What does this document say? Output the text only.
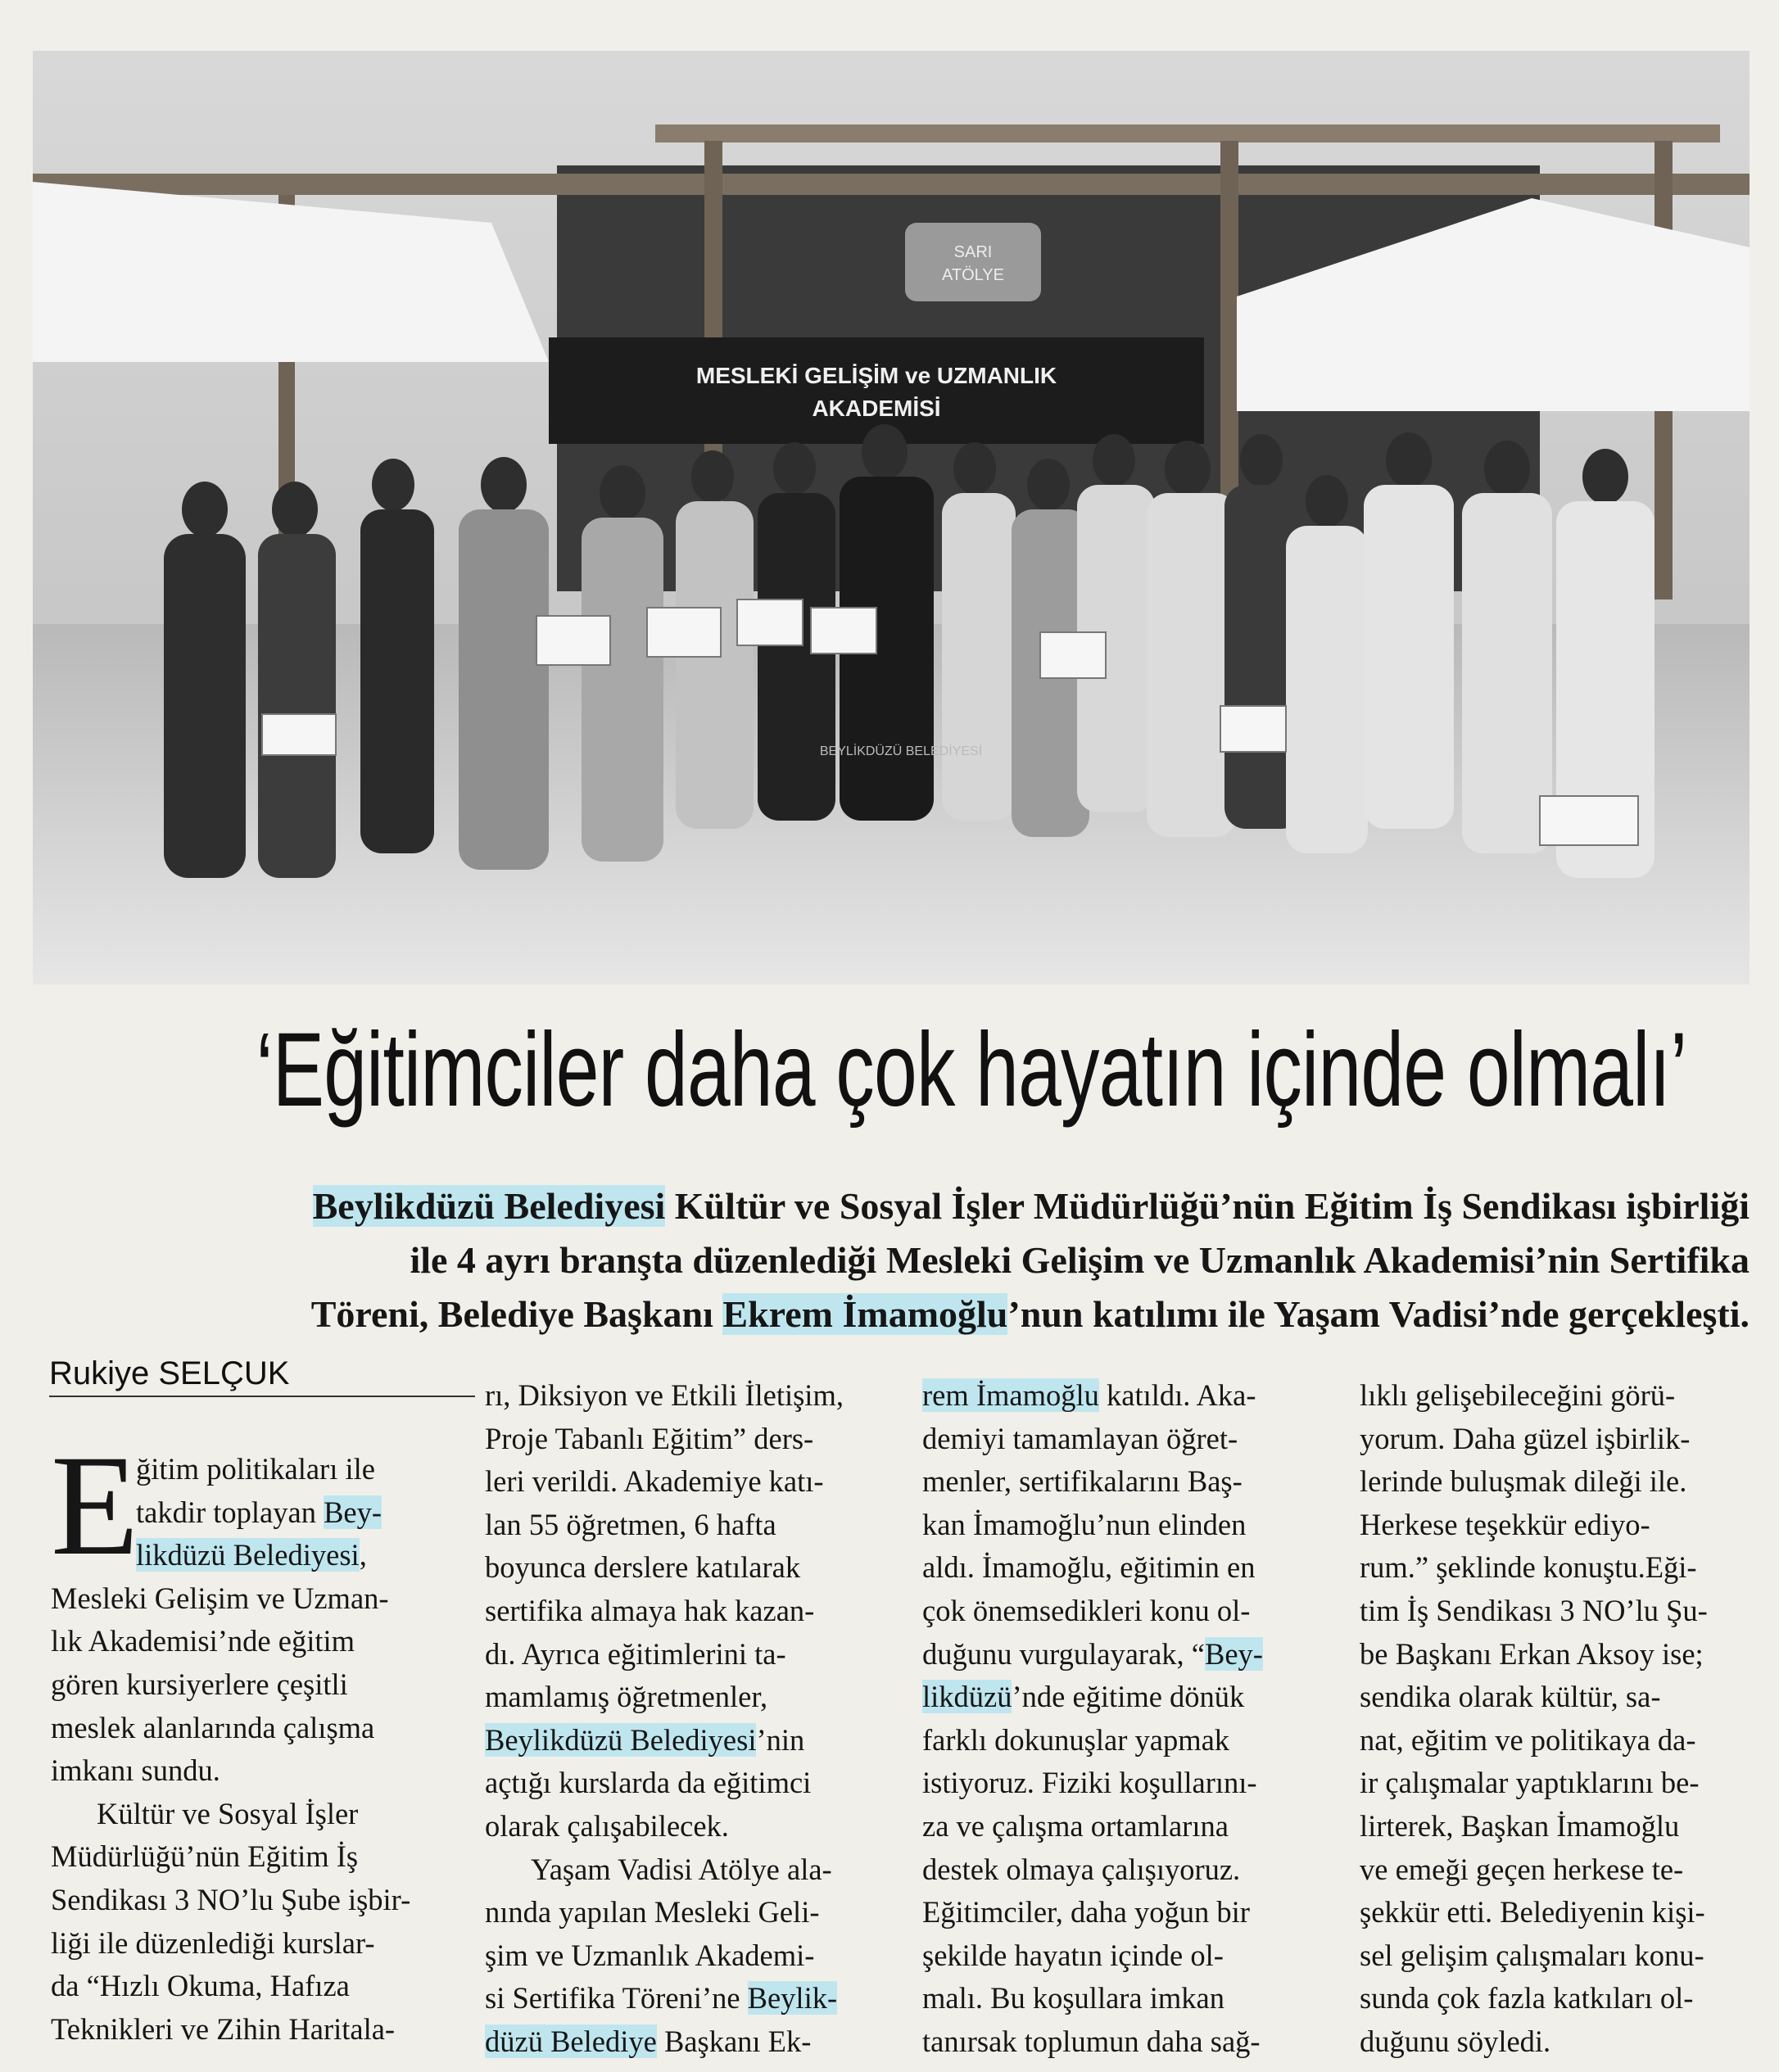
SARI
ATÖLYE
MESLEKİ GELİŞİM ve UZMANLIK
AKADEMİSİ
BEYLİKDÜZÜ BELEDİYESİ
‘Eğitimciler daha çok hayatın içinde olmalı’

Beylikdüzü Belediyesi Kültür ve Sosyal İşler Müdürlüğü’nün Eğitim İş Sendikası işbirliği

ile 4 ayrı branşta düzenlediği Mesleki Gelişim ve Uzmanlık Akademisi’nin Sertifika

Töreni, Belediye Başkanı Ekrem İmamoğlu’nun katılımı ile Yaşam Vadisi’nde gerçekleşti.

Rukiye SELÇUK
E

ğitim politikaları ile

takdir toplayan Bey-

likdüzü Belediyesi,

Mesleki Gelişim ve Uzman-

lık Akademisi’nde eğitim

gören kursiyerlere çeşitli

meslek alanlarında çalışma

imkanı sundu.

Kültür ve Sosyal İşler

Müdürlüğü’nün Eğitim İş

Sendikası 3 NO’lu Şube işbir-

liği ile düzenlediği kurslar-

da “Hızlı Okuma, Hafıza

Teknikleri ve Zihin Haritala-

rı, Diksiyon ve Etkili İletişim,

Proje Tabanlı Eğitim” ders-

leri verildi. Akademiye katı-

lan 55 öğretmen, 6 hafta

boyunca derslere katılarak

sertifika almaya hak kazan-

dı. Ayrıca eğitimlerini ta-

mamlamış öğretmenler,

Beylikdüzü Belediyesi’nin

açtığı kurslarda da eğitimci

olarak çalışabilecek.

Yaşam Vadisi Atölye ala-

nında yapılan Mesleki Geli-

şim ve Uzmanlık Akademi-

si Sertifika Töreni’ne Beylik-

düzü Belediye Başkanı Ek-

rem İmamoğlu katıldı. Aka-

demiyi tamamlayan öğret-

menler, sertifikalarını Baş-

kan İmamoğlu’nun elinden

aldı. İmamoğlu, eğitimin en

çok önemsedikleri konu ol-

duğunu vurgulayarak, “Bey-

likdüzü’nde eğitime dönük

farklı dokunuşlar yapmak

istiyoruz. Fiziki koşullarını-

za ve çalışma ortamlarına

destek olmaya çalışıyoruz.

Eğitimciler, daha yoğun bir

şekilde hayatın içinde ol-

malı. Bu koşullara imkan

tanırsak toplumun daha sağ-

lıklı gelişebileceğini görü-

yorum. Daha güzel işbirlik-

lerinde buluşmak dileği ile.

Herkese teşekkür ediyo-

rum.” şeklinde konuştu.Eği-

tim İş Sendikası 3 NO’lu Şu-

be Başkanı Erkan Aksoy ise;

sendika olarak kültür, sa-

nat, eğitim ve politikaya da-

ir çalışmalar yaptıklarını be-

lirterek, Başkan İmamoğlu

ve emeği geçen herkese te-

şekkür etti. Belediyenin kişi-

sel gelişim çalışmaları konu-

sunda çok fazla katkıları ol-

duğunu söyledi.
